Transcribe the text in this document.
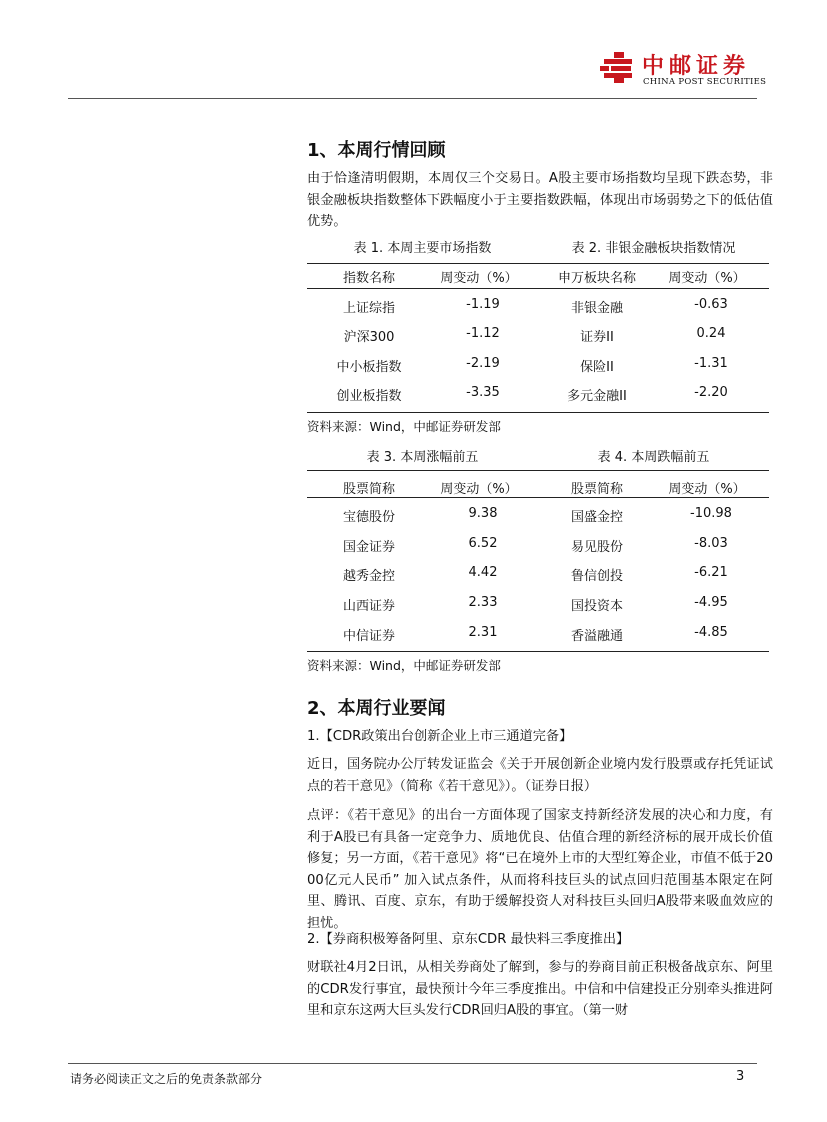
中邮证券
CHINA POST SECURITIES
1、本周行情回顾
由于恰逢清明假期，本周仅三个交易日。A股主要市场指数均呈现下跌态势，非银金融板块指数整体下跌幅度小于主要指数跌幅，体现出市场弱势之下的低估值优势。
表 1. 本周主要市场指数	表 2. 非银金融板块指数情况
指数名称	周变动（%）	申万板块名称 周变动（%）
上证综指	-1.19	非银金融	-0.63
沪深300	-1.12	证券II	0.24
中小板指数	-2.19	保险II	-1.31
创业板指数	-3.35	多元金融II	-2.20
资料来源：Wind，中邮证券研发部
表 3. 本周涨幅前五	表 4. 本周跌幅前五
股票简称	周变动（%）	股票简称	周变动（%）
宝德股份	9.38	国盛金控	-10.98
国金证券	6.52	易见股份	-8.03
越秀金控	4.42	鲁信创投	-6.21
山西证券	2.33	国投资本	-4.95
中信证券	2.31	香溢融通	-4.85
资料来源：Wind，中邮证券研发部
2、本周行业要闻
1.【CDR政策出台创新企业上市三通道完备】
近日，国务院办公厅转发证监会《关于开展创新企业境内发行股票或存托凭证试点的若干意见》（简称《若干意见》）。（证券日报）
点评：《若干意见》的出台一方面体现了国家支持新经济发展的决心和力度，有利于A股已有具备一定竞争力、质地优良、估值合理的新经济标的展开成长价值修复；另一方面，《若干意见》将“已在境外上市的大型红筹企业，市值不低于2000亿元人民币” 加入试点条件，从而将科技巨头的试点回归范围基本限定在阿里、腾讯、百度、京东，有助于缓解投资人对科技巨头回归A股带来吸血效应的担忧。
2.【券商积极筹备阿里、京东CDR 最快料三季度推出】
财联社4月2日讯，从相关券商处了解到，参与的券商目前正积极备战京东、阿里的CDR发行事宜，最快预计今年三季度推出。中信和中信建投正分别牵头推进阿里和京东这两大巨头发行CDR回归A股的事宜。（第一财
请务必阅读正文之后的免责条款部分	3
